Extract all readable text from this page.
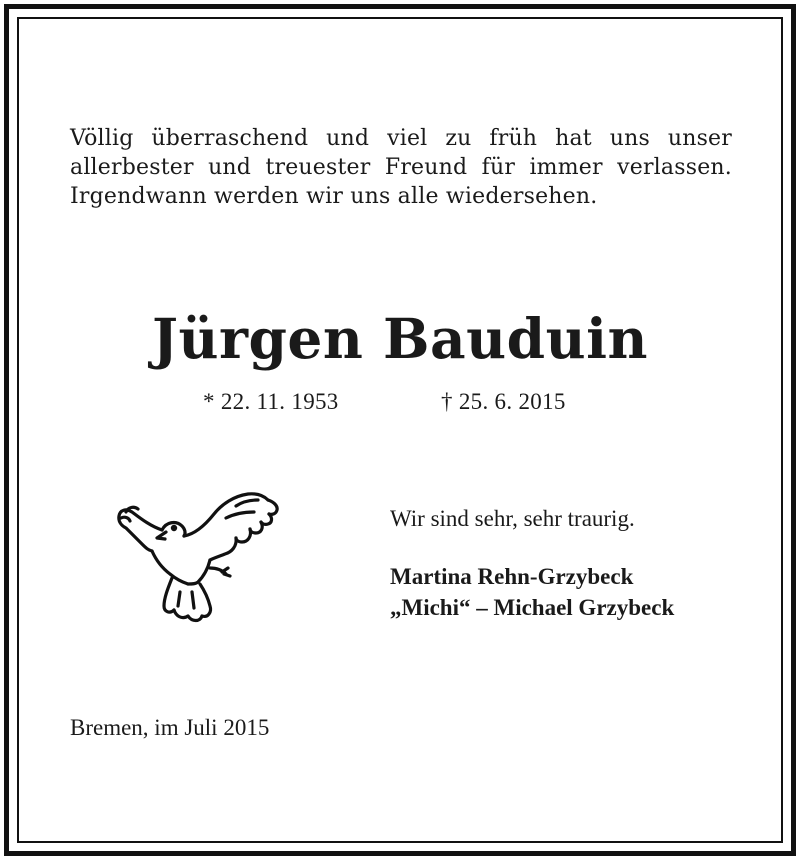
Völlig überraschend und viel zu früh hat uns unser
allerbester und treuester Freund für immer verlassen.
Irgendwann werden wir uns alle wiedersehen.

Jürgen Bauduin

* 22. 11. 1953	† 25. 6. 2015

Wir sind sehr, sehr traurig.

Martina Rehn-Grzybeck
„Michi“ – Michael Grzybeck

Bremen, im Juli 2015
